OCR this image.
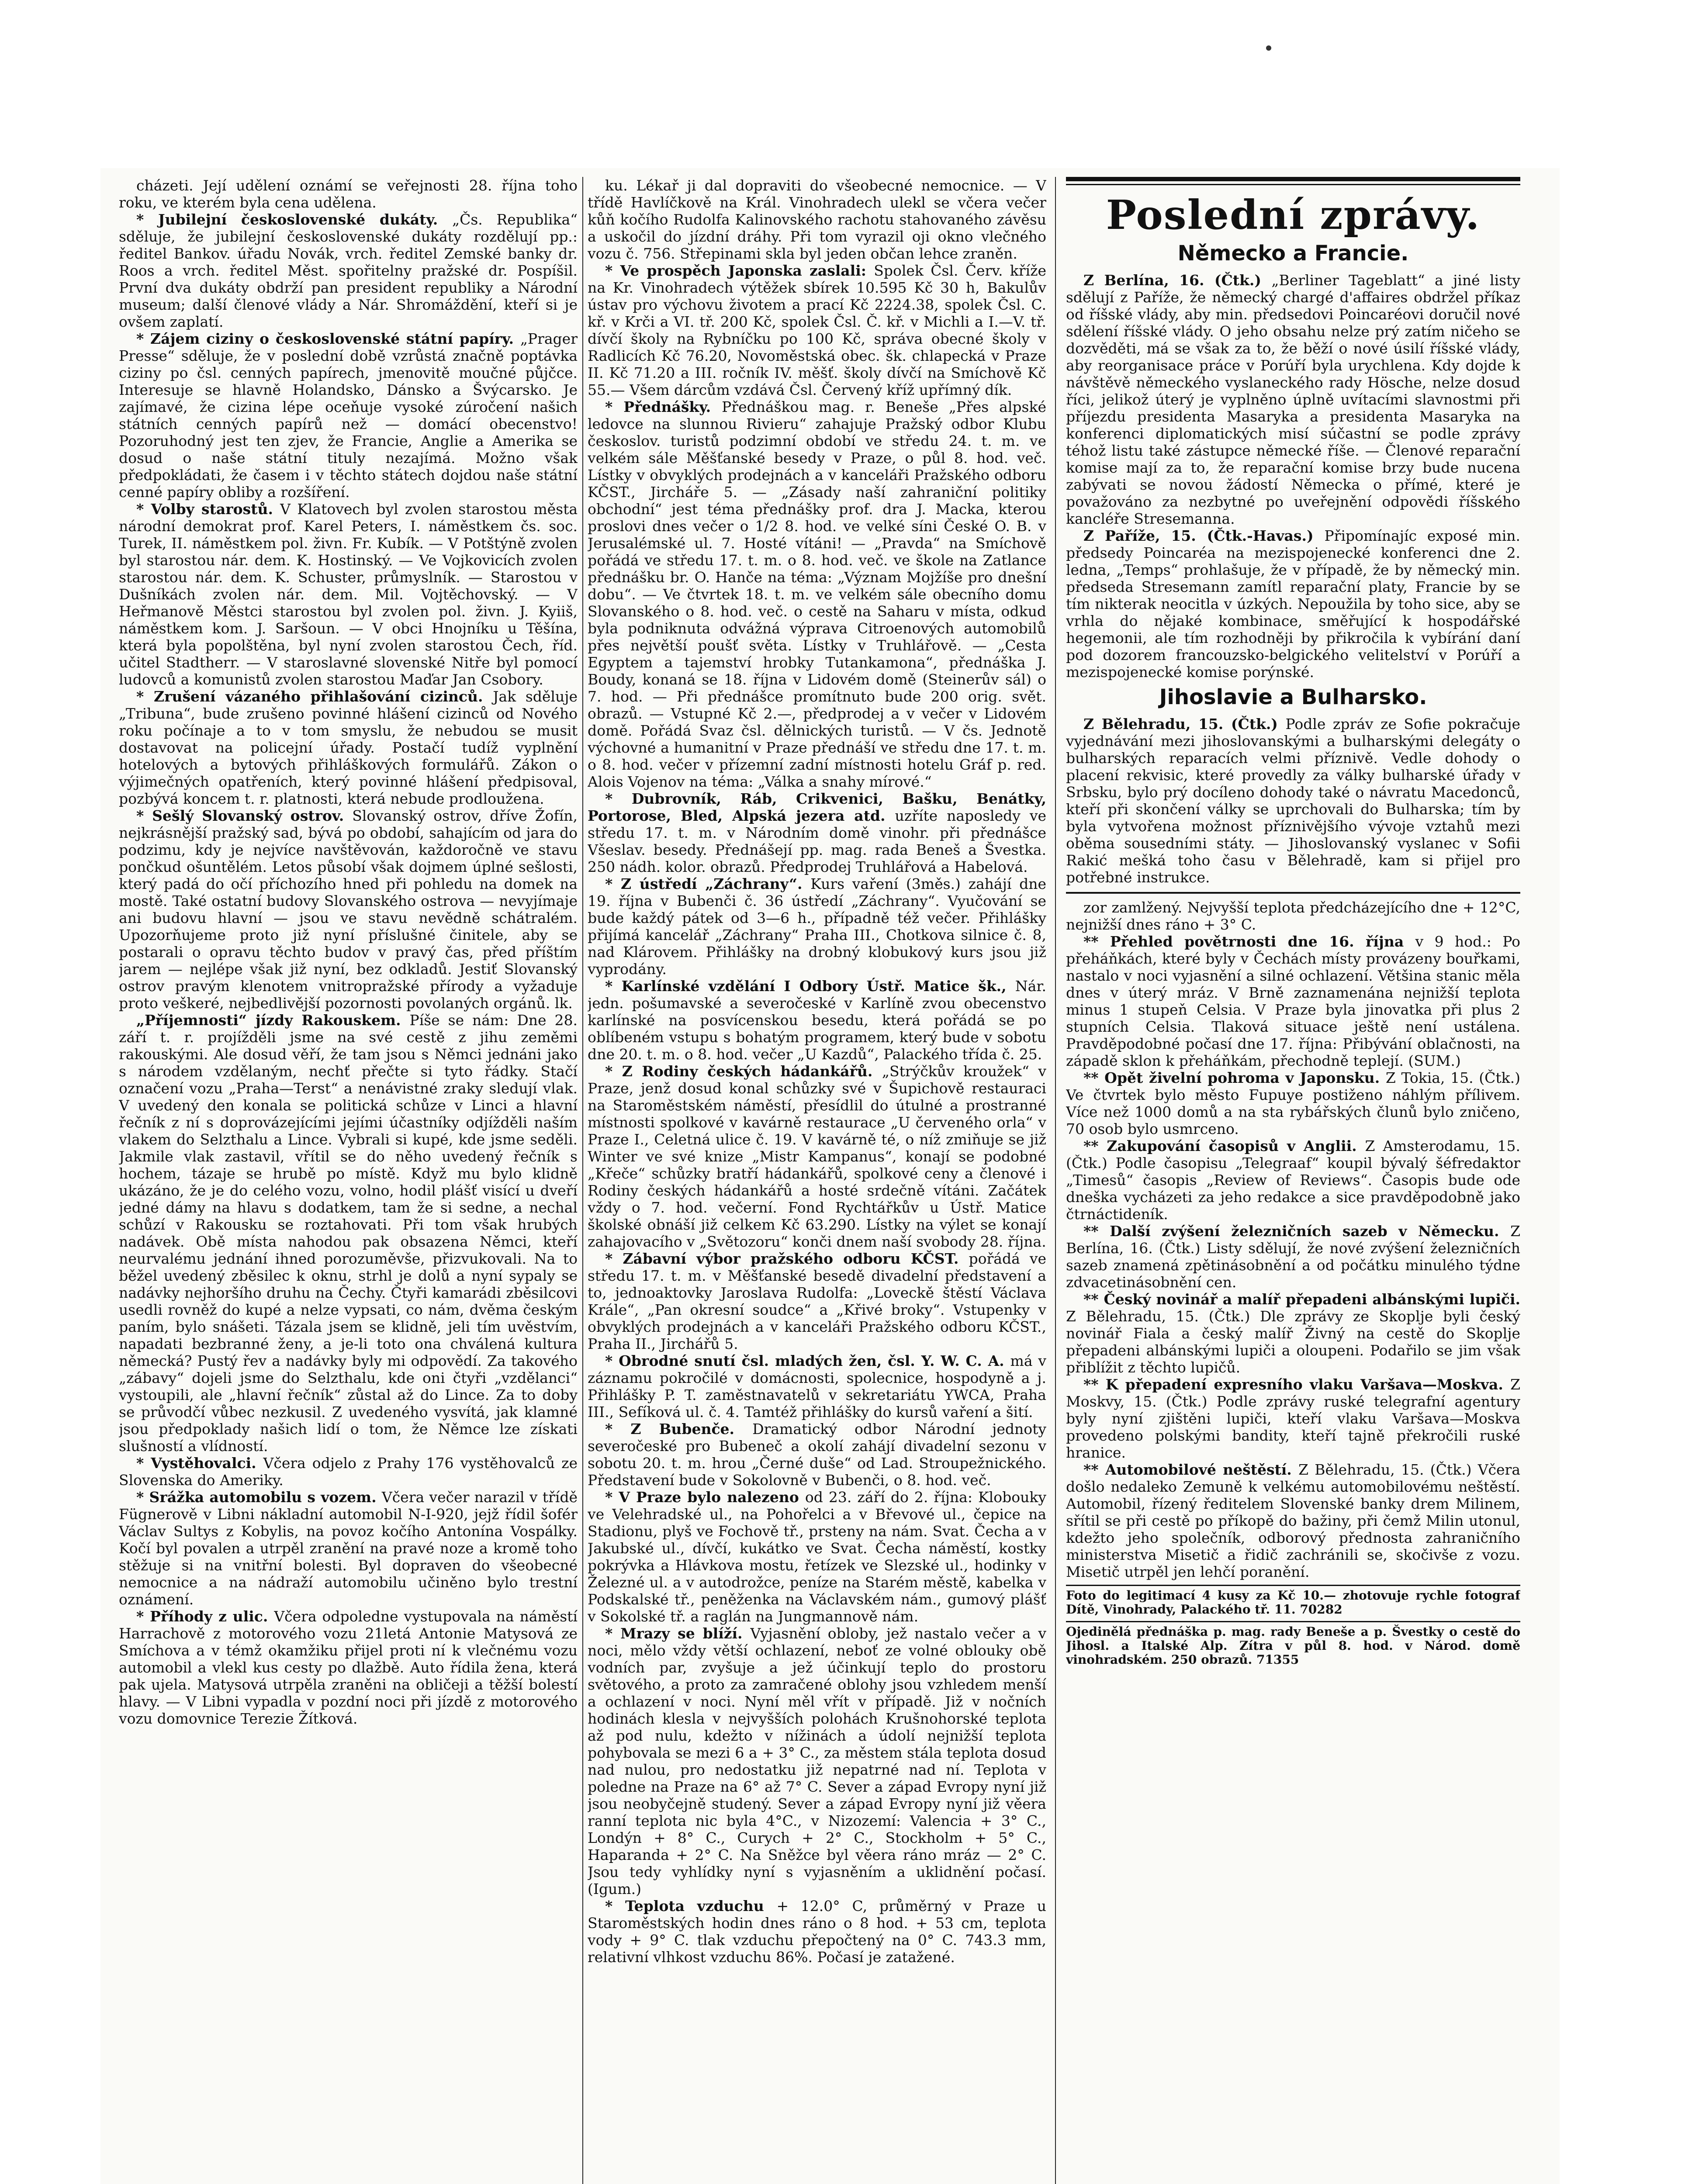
cházeti. Její udělení oznámí se veřejnosti 28. října toho roku, ve kterém byla cena udělena.

* Jubilejní československé dukáty. „Čs. Republika“ sděluje, že jubilejní československé dukáty rozdělují pp.: ředitel Bankov. úřadu Novák, vrch. ředitel Zemské banky dr. Roos a vrch. ředitel Měst. spořitelny pražské dr. Pospíšil. První dva dukáty obdrží pan president republiky a Národní museum; další členové vlády a Nár. Shromáždění, kteří si je ovšem zaplatí.

* Zájem ciziny o československé státní papíry. „Prager Presse“ sděluje, že v poslední době vzrůstá značně poptávka ciziny po čsl. cenných papírech, jmenovitě moučné půjčce. Interesuje se hlavně Holandsko, Dánsko a Švýcarsko. Je zajímavé, že cizina lépe oceňuje vysoké zúročení našich státních cenných papírů než — domácí obecenstvo! Pozoruhodný jest ten zjev, že Francie, Anglie a Amerika se dosud o naše státní tituly nezajímá. Možno však předpokládati, že časem i v těchto státech dojdou naše státní cenné papíry obliby a rozšíření.

* Volby starostů. V Klatovech byl zvolen starostou města národní demokrat prof. Karel Peters, I. náměstkem čs. soc. Turek, II. náměstkem pol. živn. Fr. Kubík. — V Potštýně zvolen byl starostou nár. dem. K. Hostinský. — Ve Vojkovicích zvolen starostou nár. dem. K. Schuster, průmyslník. — Starostou v Dušníkách zvolen nár. dem. Mil. Vojtěchovský. — V Heřmanově Městci starostou byl zvolen pol. živn. J. Kyiiš, náměstkem kom. J. Saršoun. — V obci Hnojníku u Těšína, která byla popolštěna, byl nyní zvolen starostou Čech, říd. učitel Stadtherr. — V staroslavné slovenské Nitře byl pomocí ludovců a komunistů zvolen starostou Maďar Jan Csobory.

* Zrušení vázaného přihlašování cizinců. Jak sděluje „Tribuna“, bude zrušeno povinné hlášení cizinců od Nového roku počínaje a to v tom smyslu, že nebudou se musit dostavovat na policejní úřady. Postačí tudíž vyplnění hotelových a bytových přihláškových formulářů. Zákon o výjimečných opatřeních, který povinné hlášení předpisoval, pozbývá koncem t. r. platnosti, která nebude prodloužena.

* Sešlý Slovanský ostrov. Slovanský ostrov, dříve Žofín, nejkrásnější pražský sad, bývá po období, sahajícím od jara do podzimu, kdy je nejvíce navštěvován, každoročně ve stavu pončkud ošuntělém. Letos působí však dojmem úplné sešlosti, který padá do očí příchozího hned při pohledu na domek na mostě. Také ostatní budovy Slovanského ostrova — nevyjímaje ani budovu hlavní — jsou ve stavu nevědně schátralém. Upozorňujeme proto již nyní příslušné činitele, aby se postarali o opravu těchto budov v pravý čas, před příštím jarem — nejlépe však již nyní, bez odkladů. Jestiť Slovanský ostrov pravým klenotem vnitropražské přírody a vyžaduje proto veškeré, nejbedlivější pozornosti povolaných orgánů. lk.

„Příjemnosti“ jízdy Rakouskem. Píše se nám: Dne 28. září t. r. projížděli jsme na své cestě z jihu zeměmi rakouskými. Ale dosud věří, že tam jsou s Němci jednáni jako s národem vzdělaným, nechť přečte si tyto řádky. Stačí označení vozu „Praha—Terst“ a nenávistné zraky sledují vlak. V uvedený den konala se politická schůze v Linci a hlavní řečník z ní s doprovázejícími jejími účastníky odjížděli naším vlakem do Selzthalu a Lince. Vybrali si kupé, kde jsme seděli. Jakmile vlak zastavil, vřítil se do něho uvedený řečník s hochem, tázaje se hrubě po místě. Když mu bylo klidně ukázáno, že je do celého vozu, volno, hodil plášť visící u dveří jedné dámy na hlavu s dodatkem, tam že si sedne, a nechal schůzí v Rakousku se roztahovati. Při tom však hrubých nadávek. Obě místa nahodou pak obsazena Němci, kteří neurvalému jednání ihned porozuměvše, přizvukovali. Na to běžel uvedený zběsilec k oknu, strhl je dolů a nyní sypaly se nadávky nejhoršího druhu na Čechy. Čtyři kamarádi zběsilcovi usedli rovněž do kupé a nelze vypsati, co nám, dvěma českým paním, bylo snášeti. Tázala jsem se klidně, jeli tím uvěstvím, napadati bezbranné ženy, a je-li toto ona chválená kultura německá? Pustý řev a nadávky byly mi odpovědí. Za takového „zábavy“ dojeli jsme do Selzthalu, kde oni čtyři „vzdělanci“ vystoupili, ale „hlavní řečník“ zůstal až do Lince. Za to doby se průvodčí vůbec nezkusil. Z uvedeného vysvítá, jak klamné jsou předpoklady našich lidí o tom, že Němce lze získati slušností a vlídností.

* Vystěhovalci. Včera odjelo z Prahy 176 vystěhovalců ze Slovenska do Ameriky.

* Srážka automobilu s vozem. Včera večer narazil v třídě Fügnerově v Libni nákladní automobil N-I-920, jejž řídil šofér Václav Sultys z Kobylis, na povoz kočího Antonína Vospálky. Kočí byl povalen a utrpěl zranění na pravé noze a kromě toho stěžuje si na vnitřní bolesti. Byl dopraven do všeobecné nemocnice a na nádraží automobilu učiněno bylo trestní oznámení.

* Příhody z ulic. Včera odpoledne vystupovala na náměstí Harrachově z motorového vozu 21letá Antonie Matysová ze Smíchova a v témž okamžiku přijel proti ní k vlečnému vozu automobil a vlekl kus cesty po dlažbě. Auto řídila žena, která pak ujela. Matysová utrpěla zraněni na obličeji a těžší bolestí hlavy. — V Libni vypadla v pozdní noci při jízdě z motorového vozu domovnice Terezie Žítková.

ku. Lékař ji dal dopraviti do všeobecné nemocnice. — V třídě Havlíčkově na Král. Vinohradech ulekl se včera večer kůň kočího Rudolfa Kalinovského rachotu stahovaného závěsu a uskočil do jízdní dráhy. Při tom vyrazil oji okno vlečného vozu č. 756. Střepinami skla byl jeden občan lehce zraněn.

* Ve prospěch Japonska zaslali: Spolek Čsl. Červ. kříže na Kr. Vinohradech výtěžek sbírek 10.595 Kč 30 h, Bakulův ústav pro výchovu životem a prací Kč 2224.38, spolek Čsl. C. kř. v Krči a VI. tř. 200 Kč, spolek Čsl. Č. kř. v Michli a I.—V. tř. dívčí školy na Rybníčku po 100 Kč, správa obecné školy v Radlicích Kč 76.20, Novoměstská obec. šk. chlapecká v Praze II. Kč 71.20 a III. ročník IV. měšť. školy dívčí na Smíchově Kč 55.— Všem dárcům vzdává Čsl. Červený kříž upřímný dík.

* Přednášky. Přednáškou mag. r. Beneše „Přes alpské ledovce na slunnou Rivieru“ zahajuje Pražský odbor Klubu českoslov. turistů podzimní období ve středu 24. t. m. ve velkém sále Měšťanské besedy v Praze, o půl 8. hod. več. Lístky v obvyklých prodejnách a v kanceláři Pražského odboru KČST., Jircháře 5. — „Zásady naší zahraniční politiky obchodní“ jest téma přednášky prof. dra J. Macka, kterou proslovi dnes večer o 1/2 8. hod. ve velké síni České O. B. v Jerusalémské ul. 7. Hosté vítáni! — „Pravda“ na Smíchově pořádá ve středu 17. t. m. o 8. hod. več. ve škole na Zatlance přednášku br. O. Hanče na téma: „Význam Mojžíše pro dnešní dobu“. — Ve čtvrtek 18. t. m. ve velkém sále obecního domu Slovanského o 8. hod. več. o cestě na Saharu v místa, odkud byla podniknuta odvážná výprava Citroenových automobilů přes největší poušť světa. Lístky v Truhlářově. — „Cesta Egyptem a tajemství hrobky Tutankamona“, přednáška J. Boudy, konaná se 18. října v Lidovém domě (Steinerův sál) o 7. hod. — Při přednášce promítnuto bude 200 orig. svět. obrazů. — Vstupné Kč 2.—, předprodej a v večer v Lidovém domě. Pořádá Svaz čsl. dělnických turistů. — V čs. Jednotě výchovné a humanitní v Praze přednáší ve středu dne 17. t. m. o 8. hod. večer v přízemní zadní místnosti hotelu Gráf p. red. Alois Vojenov na téma: „Válka a snahy mírové.“

* Dubrovník, Ráb, Crikvenici, Bašku, Benátky, Portorose, Bled, Alpská jezera atd. uzříte naposledy ve středu 17. t. m. v Národním domě vinohr. při přednášce Všeslav. besedy. Přednášejí pp. mag. rada Beneš a Švestka. 250 nádh. kolor. obrazů. Předprodej Truhlářová a Habelová.

* Z ústředí „Záchrany“. Kurs vaření (3měs.) zahájí dne 19. října v Bubenči č. 36 ústředí „Záchrany“. Vyučování se bude každý pátek od 3—6 h., případně též večer. Přihlášky přijímá kancelář „Záchrany“ Praha III., Chotkova silnice č. 8, nad Klárovem. Přihlášky na drobný klobukový kurs jsou již vyprodány.

* Karlínské vzdělání I Odbory Ústř. Matice šk., Nár. jedn. pošumavské a severočeské v Karlíně zvou obecenstvo karlínské na posvícenskou besedu, která pořádá se po oblíbeném vstupu s bohatým programem, který bude v sobotu dne 20. t. m. o 8. hod. večer „U Kazdů“, Palackého třída č. 25.

* Z Rodiny českých hádankářů. „Strýčkův kroužek“ v Praze, jenž dosud konal schůzky své v Šupichově restauraci na Staroměstském náměstí, přesídlil do útulné a prostranné místnosti spolkové v kavárně restaurace „U červeného orla“ v Praze I., Celetná ulice č. 19. V kavárně té, o níž zmiňuje se již Winter ve své knize „Mistr Kampanus“, konají se podobné „Křeče“ schůzky bratří hádankářů, spolkové ceny a členové i Rodiny českých hádankářů a hosté srdečně vítáni. Začátek vždy o 7. hod. večerní. Fond Rychtářkův u Ústř. Matice školské obnáší již celkem Kč 63.290. Lístky na výlet se konají zahajovacího v „Světozoru“ konči dnem naší svobody 28. října.

* Zábavní výbor pražského odboru KČST. pořádá ve středu 17. t. m. v Měšťanské besedě divadelní představení a to, jednoaktovky Jaroslava Rudolfa: „Loveckě štěstí Václava Krále“, „Pan okresní soudce“ a „Křivé broky“. Vstupenky v obvyklých prodejnách a v kanceláři Pražského odboru KČST., Praha II., Jirchářů 5.

* Obrodné snutí čsl. mladých žen, čsl. Y. W. C. A. má v záznamu pokročilé v domácnosti, spolecnice, hospodyně a j. Přihlášky P. T. zaměstnavatelů v sekretariátu YWCA, Praha III., Sefíková ul. č. 4. Tamtéž přihlášky do kursů vaření a šití.

* Z Bubenče. Dramatický odbor Národní jednoty severočeské pro Bubeneč a okolí zahájí divadelní sezonu v sobotu 20. t. m. hrou „Černé duše“ od Lad. Stroupežnického. Představení bude v Sokolovně v Bubenči, o 8. hod. več.

* V Praze bylo nalezeno od 23. září do 2. října: Klobouky ve Velehradské ul., na Pohořelci a v Břevové ul., čepice na Stadionu, plyš ve Fochově tř., prsteny na nám. Svat. Čecha a v Jakubské ul., dívčí, kukátko ve Svat. Čecha náměstí, kostky pokrývka a Hlávkova mostu, řetízek ve Slezské ul., hodinky v Železné ul. a v autodrožce, peníze na Starém městě, kabelka v Podskalské tř., peněženka na Václavském nám., gumový plášť v Sokolské tř. a raglán na Jungmannově nám.

* Mrazy se blíží. Vyjasnění obloby, jež nastalo večer a v noci, mělo vždy větší ochlazení, neboť ze volné oblouky obě vodních par, zvyšuje a jež účinkují teplo do prostoru světového, a proto za zamračené oblohy jsou vzhledem menší a ochlazení v noci. Nyní měl vřít v případě. Již v nočních hodinách klesla v nejvyšších polohách Krušnohorské teplota až pod nulu, kdežto v nížinách a údolí nejnižší teplota pohybovala se mezi 6 a + 3° C., za městem stála teplota dosud nad nulou, pro nedostatku již nepatrné nad ní. Teplota v poledne na Praze na 6° až 7° C. Sever a západ Evropy nyní již jsou neobyčejně studený. Sever a západ Evropy nyní již věera ranní teplota nic byla 4°C., v Nizozemí: Valencia + 3° C., Londýn + 8° C., Curych + 2° C., Stockholm + 5° C., Haparanda + 2° C. Na Sněžce byl věera ráno mráz — 2° C. Jsou tedy vyhlídky nyní s vyjasněním a uklidnění počasí. (Igum.)

* Teplota vzduchu + 12.0° C, průměrný v Praze u Staroměstských hodin dnes ráno o 8 hod. + 53 cm, teplota vody + 9° C. tlak vzduchu přepočtený na 0° C. 743.3 mm, relativní vlhkost vzduchu 86%. Počasí je zatažené.

Poslední zprávy.
Německo a Francie.

Z Berlína, 16. (Čtk.) „Berliner Tageblatt“ a jiné listy sdělují z Paříže, že německý chargé d'affaires obdržel příkaz od říšské vlády, aby min. předsedovi Poincaréovi doručil nové sdělení říšské vlády. O jeho obsahu nelze prý zatím ničeho se dozvěděti, má se však za to, že běží o nové úsilí říšské vlády, aby reorganisace práce v Porúří byla urychlena. Kdy dojde k návštěvě německého vyslaneckého rady Hösche, nelze dosud říci, jelikož úterý je vyplněno úplně uvítacími slavnostmi při příjezdu presidenta Masaryka a presidenta Masaryka na konferenci diplomatických misí súčastní se podle zprávy téhož listu také zástupce německé říše. — Členové reparační komise mají za to, že reparační komise brzy bude nucena zabývati se novou žádostí Německa o přímé, které je považováno za nezbytné po uveřejnění odpovědi říšského kancléře Stresemanna.

Z Paříže, 15. (Čtk.-Havas.) Připomínajíc exposé min. předsedy Poincaréa na mezispojenecké konferenci dne 2. ledna, „Temps“ prohlašuje, že v případě, že by německý min. předseda Stresemann zamítl reparační platy, Francie by se tím nikterak neocitla v úzkých. Nepoužila by toho sice, aby se vrhla do nějaké kombinace, směřující k hospodářské hegemonii, ale tím rozhodněji by přikročila k vybírání daní pod dozorem francouzsko-belgického velitelství v Porúří a mezispojenecké komise porýnské.

Jihoslavie a Bulharsko.

Z Bělehradu, 15. (Čtk.) Podle zpráv ze Sofie pokračuje vyjednávání mezi jihoslovanskými a bulharskými delegáty o bulharských reparacích velmi příznivě. Vedle dohody o placení rekvisic, které provedly za války bulharské úřady v Srbsku, bylo prý docíleno dohody také o návratu Macedonců, kteří při skončení války se uprchovali do Bulharska; tím by byla vytvořena možnost příznivějšího vývoje vztahů mezi oběma sousedními státy. — Jihoslovanský vyslanec v Sofii Rakić mešká toho času v Bělehradě, kam si přijel pro potřebné instrukce.

zor zamlžený. Nejvyšší teplota předcházejícího dne + 12°C, nejnižší dnes ráno + 3° C.

** Přehled povětrnosti dne 16. října v 9 hod.: Po přeháňkách, které byly v Čechách místy provázeny bouřkami, nastalo v noci vyjasnění a silné ochlazení. Většina stanic měla dnes v úterý mráz. V Brně zaznamenána nejnižší teplota minus 1 stupeň Celsia. V Praze byla jinovatka při plus 2 stupních Celsia. Tlaková situace ještě není ustálena. Pravděpodobné počasí dne 17. října: Přibývání oblačnosti, na západě sklon k přeháňkám, přechodně teplejí. (SUM.)

** Opět živelní pohroma v Japonsku. Z Tokia, 15. (Čtk.) Ve čtvrtek bylo město Fupuye postiženo náhlým přílivem. Více než 1000 domů a na sta rybářských člunů bylo zničeno, 70 osob bylo usmrceno.

** Zakupování časopisů v Anglii. Z Amsterodamu, 15. (Čtk.) Podle časopisu „Telegraaf“ koupil bývalý šéfredaktor „Timesů“ časopis „Review of Reviews“. Časopis bude ode dneška vycházeti za jeho redakce a sice pravděpodobně jako čtrnáctideník.

** Další zvýšení železničních sazeb v Německu. Z Berlína, 16. (Čtk.) Listy sdělují, že nové zvýšení železničních sazeb znamená zpětinásobnění a od počátku minulého týdne zdvacetinásobnění cen.

** Český novinář a malíř přepadeni albánskými lupiči. Z Bělehradu, 15. (Čtk.) Dle zprávy ze Skoplje byli český novinář Fiala a český malíř Živný na cestě do Skoplje přepadeni albánskými lupiči a oloupeni. Podařilo se jim však přiblížit z těchto lupičů.

** K přepadení expresního vlaku Varšava—Moskva. Z Moskvy, 15. (Čtk.) Podle zprávy ruské telegrafní agentury byly nyní zjištěni lupiči, kteří vlaku Varšava—Moskva provedeno polskými bandity, kteří tajně překročili ruské hranice.

** Automobilové neštěstí. Z Bělehradu, 15. (Čtk.) Včera došlo nedaleko Zemuně k velkému automobilovému neštěstí. Automobil, řízený ředitelem Slovenské banky drem Milinem, sřítil se při cestě po příkopě do bažiny, při čemž Milin utonul, kdežto jeho společník, odborový přednosta zahraničního ministerstva Misetič a řidič zachránili se, skočivše z vozu. Misetič utrpěl jen lehčí poranění.

Foto do legitimací 4 kusy za Kč 10.— zhotovuje rychle fotograf Dítě, Vinohrady, Palackého tř. 11. 70282
Ojedinělá přednáška p. mag. rady Beneše a p. Švestky o cestě do Jihosl. a Italské Alp. Zítra v půl 8. hod. v Národ. domě vinohradském. 250 obrazů. 71355
